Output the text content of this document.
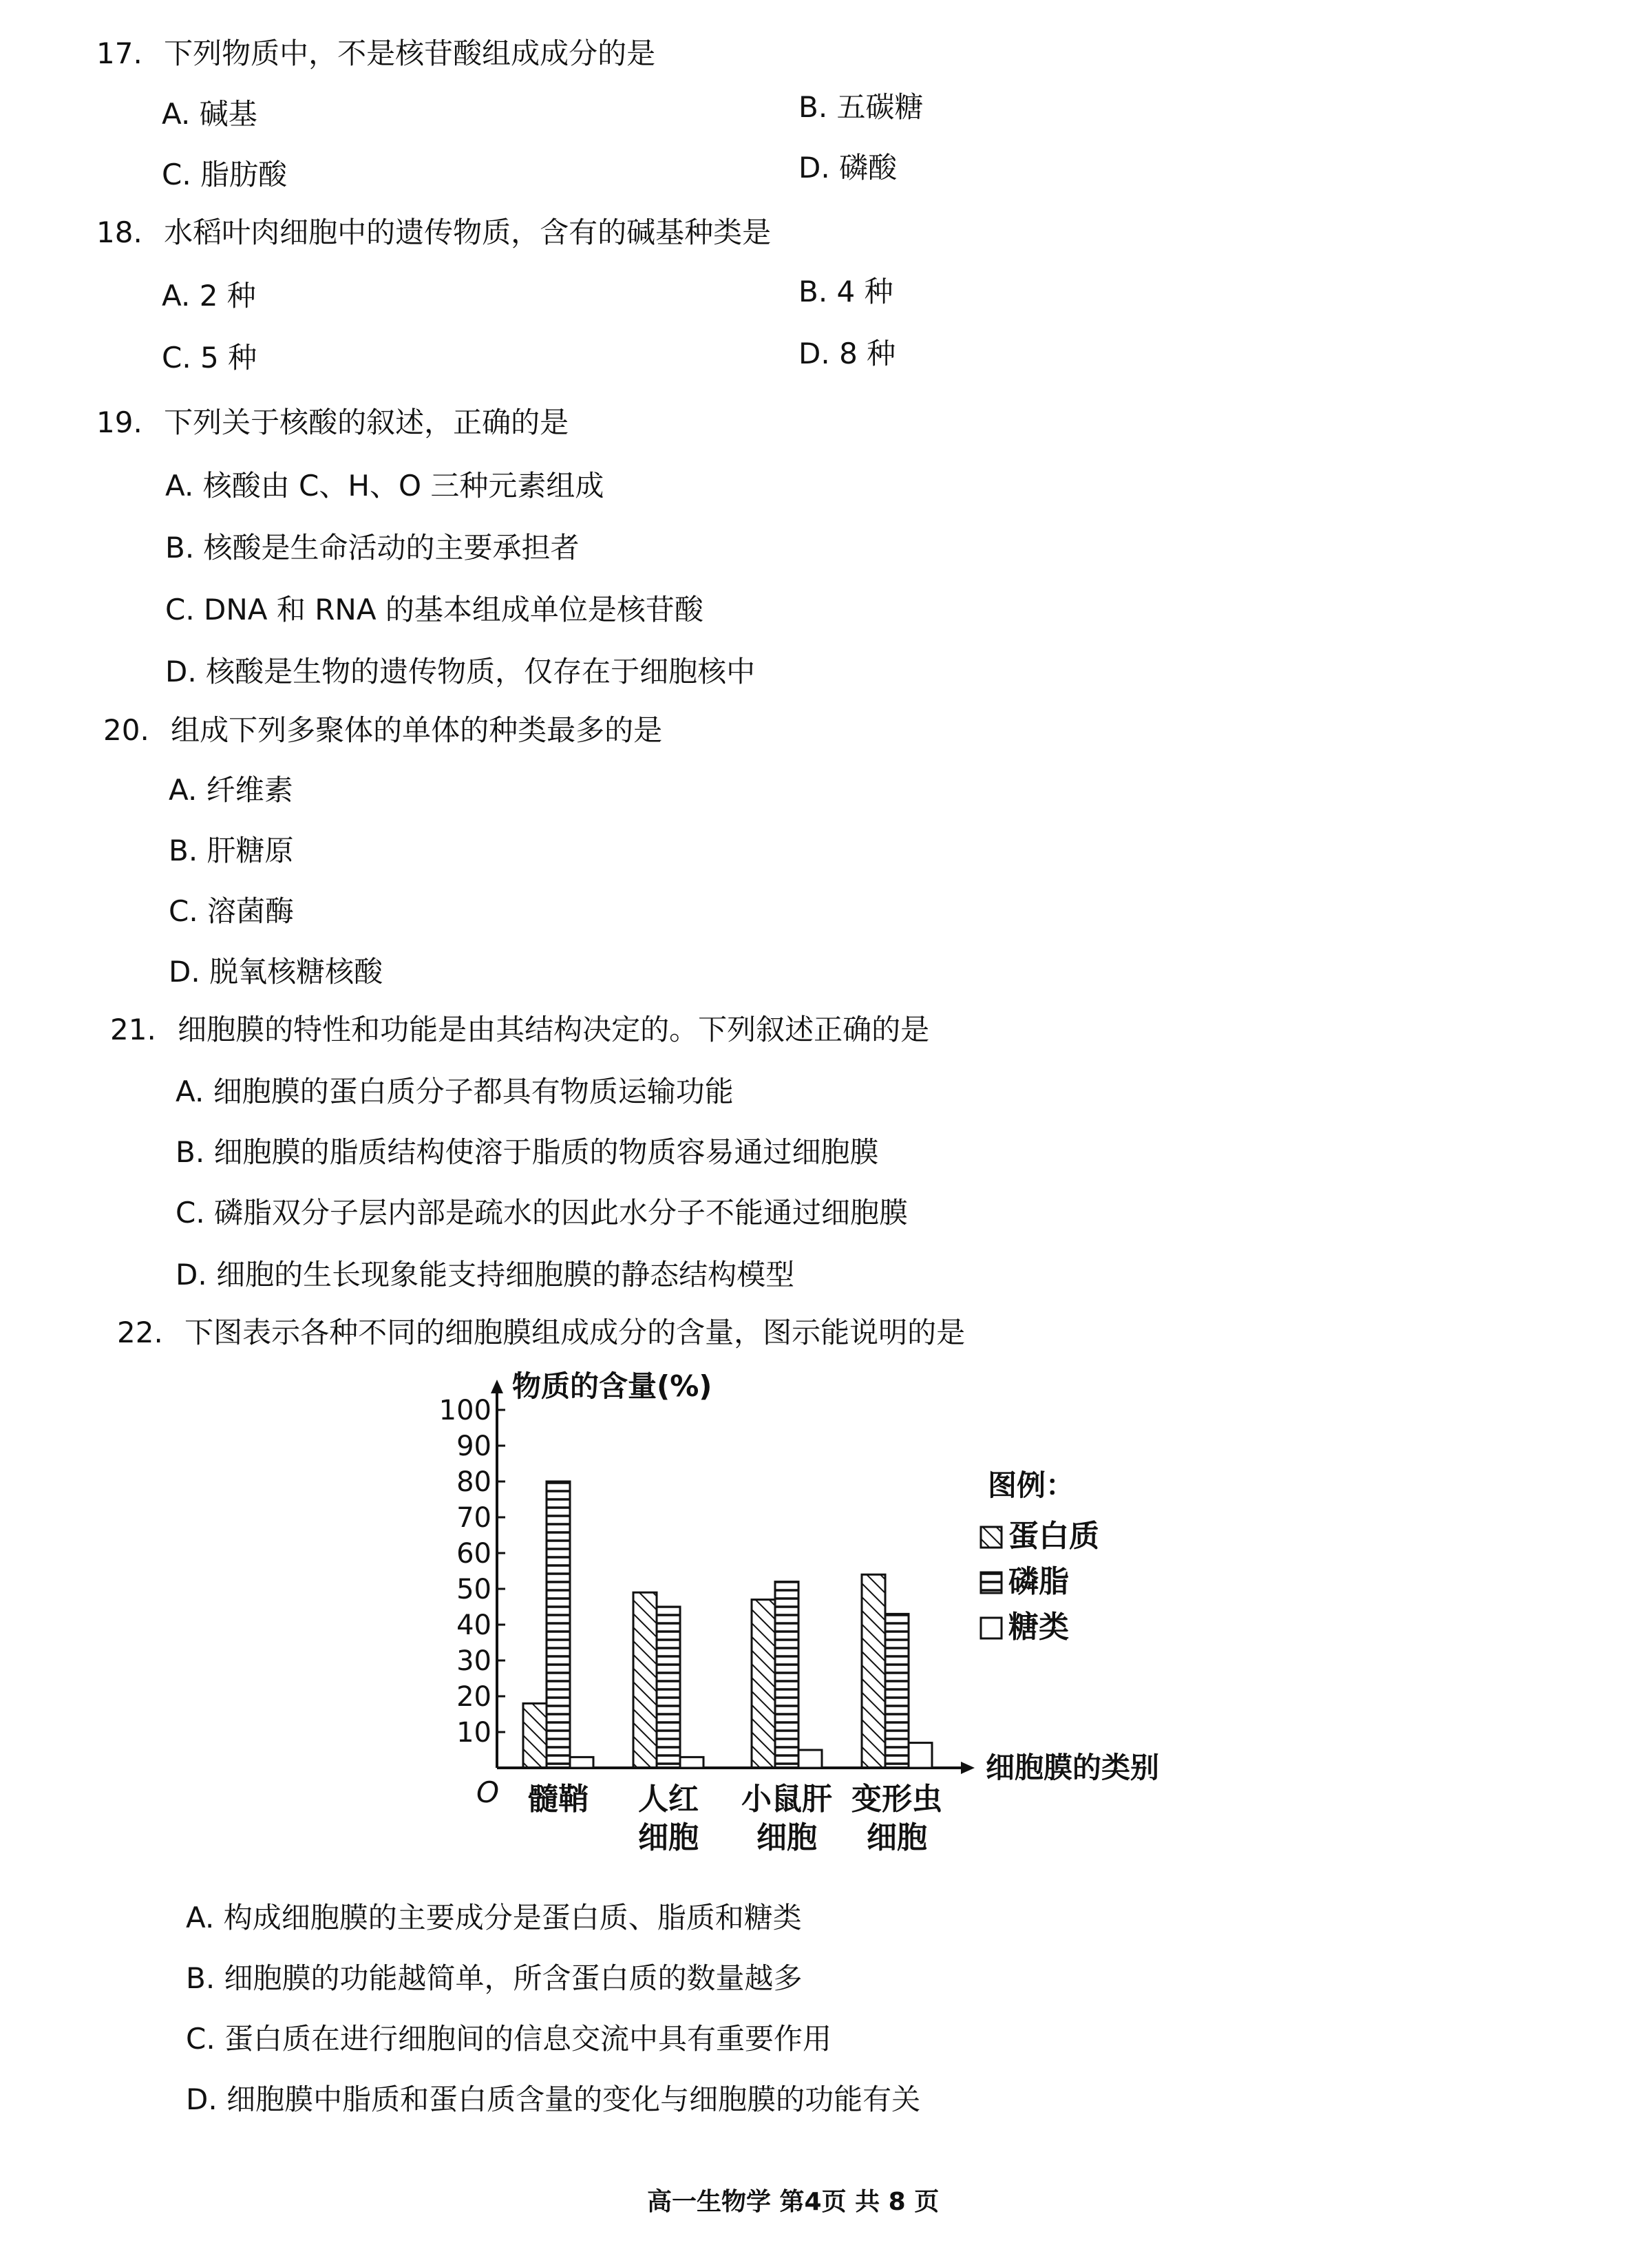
17. 下列物质中，不是核苷酸组成成分的是
A. 碱基	B. 五碳糖
C. 脂肪酸	D. 磷酸
18. 水稻叶肉细胞中的遗传物质，含有的碱基种类是
A. 2 种	B. 4 种
C. 5 种	D. 8 种
19. 下列关于核酸的叙述，正确的是
A. 核酸由 C、H、O 三种元素组成
B. 核酸是生命活动的主要承担者
C. DNA 和 RNA 的基本组成单位是核苷酸
D. 核酸是生物的遗传物质，仅存在于细胞核中
20. 组成下列多聚体的单体的种类最多的是
A. 纤维素
B. 肝糖原
C. 溶菌酶
D. 脱氧核糖核酸
21. 细胞膜的特性和功能是由其结构决定的。下列叙述正确的是
A. 细胞膜的蛋白质分子都具有物质运输功能
B. 细胞膜的脂质结构使溶于脂质的物质容易通过细胞膜
C. 磷脂双分子层内部是疏水的因此水分子不能通过细胞膜
D. 细胞的生长现象能支持细胞膜的静态结构模型
22. 下图表示各种不同的细胞膜组成成分的含量，图示能说明的是
10
20
30
40
50
60
70
80
90
100
O
物质的含量(%)
细胞膜的类别
髓鞘 人红
细胞
小鼠肝
细胞
变形虫
细胞
图例：
蛋白质
磷脂
糖类
A. 构成细胞膜的主要成分是蛋白质、脂质和糖类
B. 细胞膜的功能越简单，所含蛋白质的数量越多
C. 蛋白质在进行细胞间的信息交流中具有重要作用
D. 细胞膜中脂质和蛋白质含量的变化与细胞膜的功能有关
高一生物学 第4页 共 8 页
